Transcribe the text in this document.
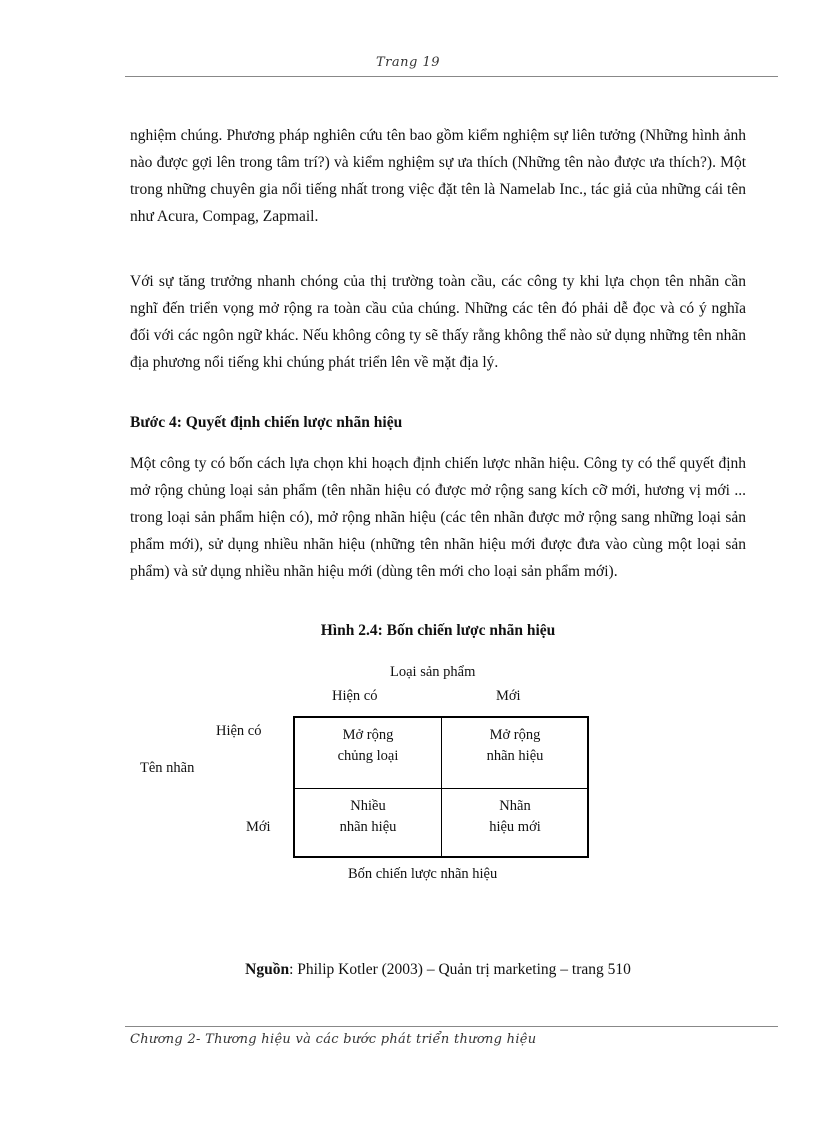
Trang 19

nghiệm chúng. Phương pháp nghiên cứu tên bao gồm kiểm nghiệm sự liên tưởng (Những hình ảnh nào được gợi lên trong tâm trí?) và kiểm nghiệm sự ưa thích (Những tên nào được ưa thích?). Một trong những chuyên gia nổi tiếng nhất trong việc đặt tên là Namelab Inc., tác giả của những cái tên như Acura, Compag, Zapmail.

Với sự tăng trưởng nhanh chóng của thị trường toàn cầu, các công ty khi lựa chọn tên nhãn cần nghĩ đến triển vọng mở rộng ra toàn cầu của chúng. Những các tên đó phải dễ đọc và có ý nghĩa đối với các ngôn ngữ khác. Nếu không công ty sẽ thấy rằng không thể nào sử dụng những tên nhãn địa phương nổi tiếng khi chúng phát triển lên về mặt địa lý.

Bước 4: Quyết định chiến lược nhãn hiệu

Một công ty có bốn cách lựa chọn khi hoạch định chiến lược nhãn hiệu. Công ty có thể quyết định mở rộng chủng loại sản phẩm (tên nhãn hiệu có được mở rộng sang kích cỡ mới, hương vị mới ... trong loại sản phẩm hiện có), mở rộng nhãn hiệu (các tên nhãn được mở rộng sang những loại sản phẩm mới), sử dụng nhiều nhãn hiệu (những tên nhãn hiệu mới được đưa vào cùng một loại sản phẩm) và sử dụng nhiều nhãn hiệu mới (dùng tên mới cho loại sản phẩm mới).

Hình 2.4: Bốn chiến lược nhãn hiệu
Loại sản phẩm
Hiện có	Mới
Hiện có
Tên nhãn
Mới
Mở rộng
chủng loại
Mở rộng
nhãn hiệu
Nhiều
nhãn hiệu
Nhãn
hiệu mới
Bốn chiến lược nhãn hiệu
Nguồn: Philip Kotler (2003) – Quản trị marketing – trang 510
Chương 2- Thương hiệu và các bước phát triển thương hiệu
